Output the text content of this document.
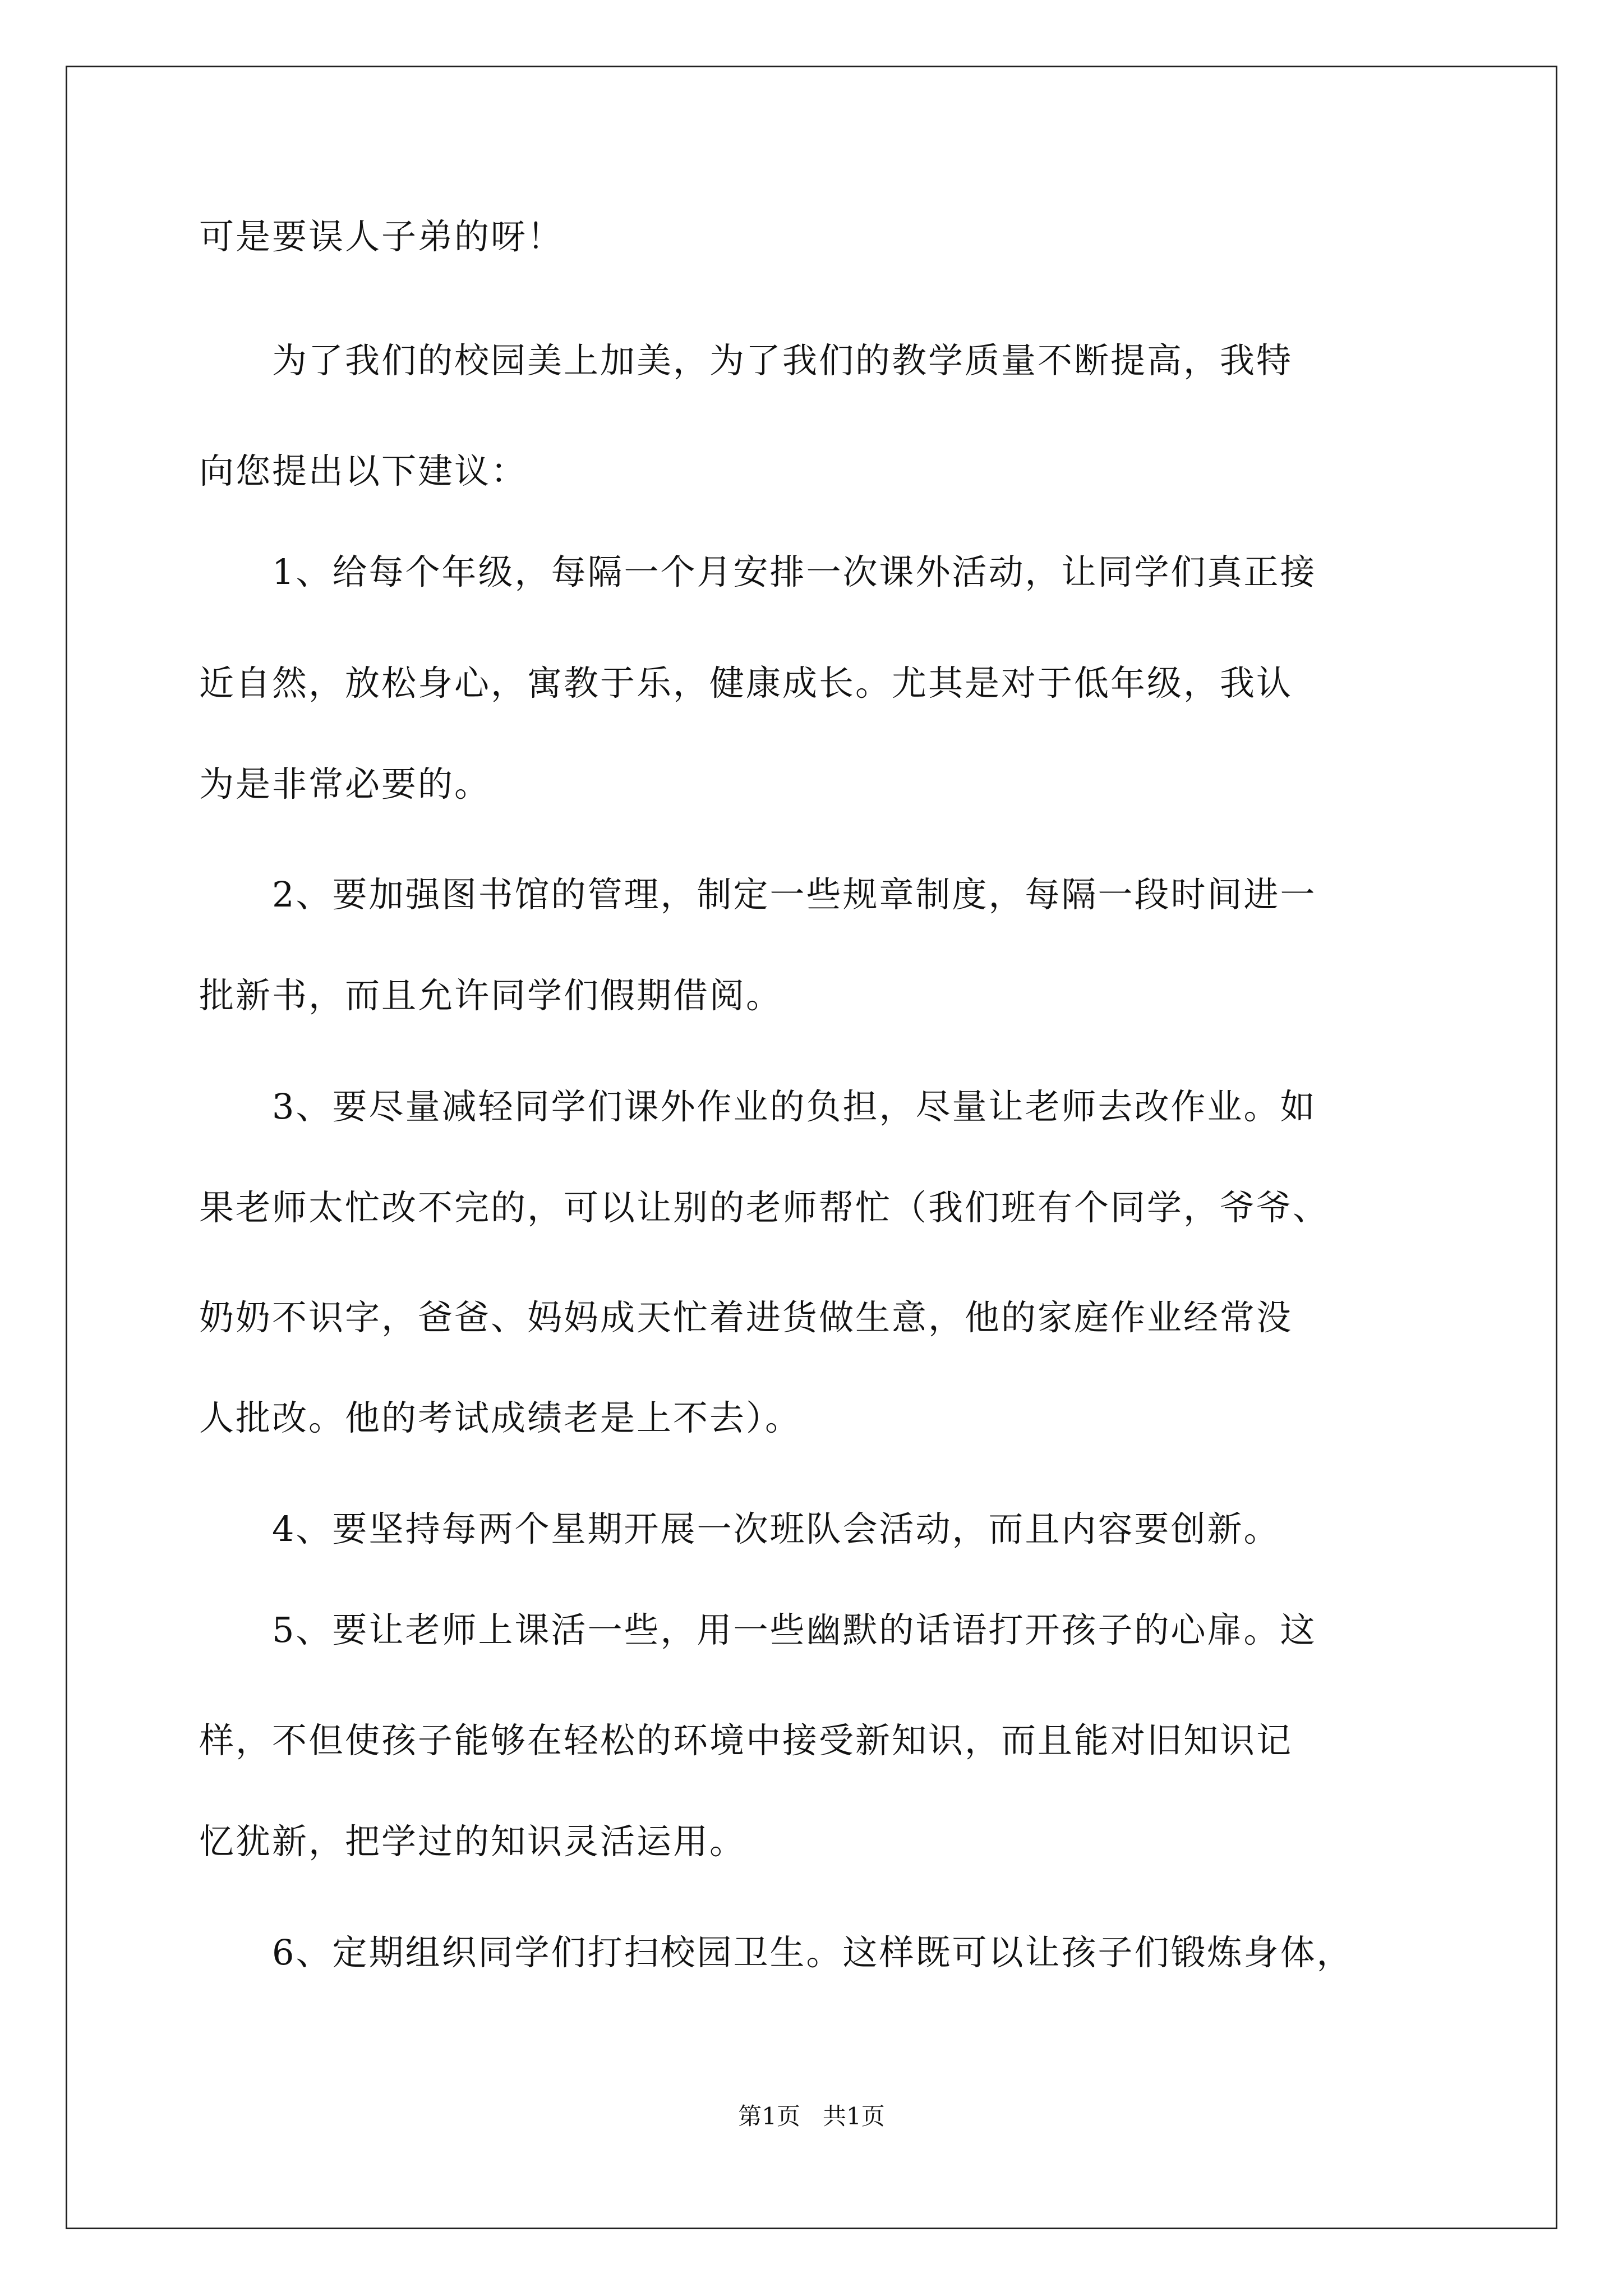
可是要误人子弟的呀！
　　为了我们的校园美上加美，为了我们的教学质量不断提高，我特
向您提出以下建议：
　　1、给每个年级，每隔一个月安排一次课外活动，让同学们真正接
近自然，放松身心，寓教于乐，健康成长。尤其是对于低年级，我认
为是非常必要的。
　　2、要加强图书馆的管理，制定一些规章制度，每隔一段时间进一
批新书，而且允许同学们假期借阅。
　　3、要尽量减轻同学们课外作业的负担，尽量让老师去改作业。如
果老师太忙改不完的，可以让别的老师帮忙（我们班有个同学，爷爷、
奶奶不识字，爸爸、妈妈成天忙着进货做生意，他的家庭作业经常没
人批改。他的考试成绩老是上不去）。
　　4、要坚持每两个星期开展一次班队会活动，而且内容要创新。
　　5、要让老师上课活一些，用一些幽默的话语打开孩子的心扉。这
样，不但使孩子能够在轻松的环境中接受新知识，而且能对旧知识记
忆犹新，把学过的知识灵活运用。
　　6、定期组织同学们打扫校园卫生。这样既可以让孩子们锻炼身体，
第1页   共1页
